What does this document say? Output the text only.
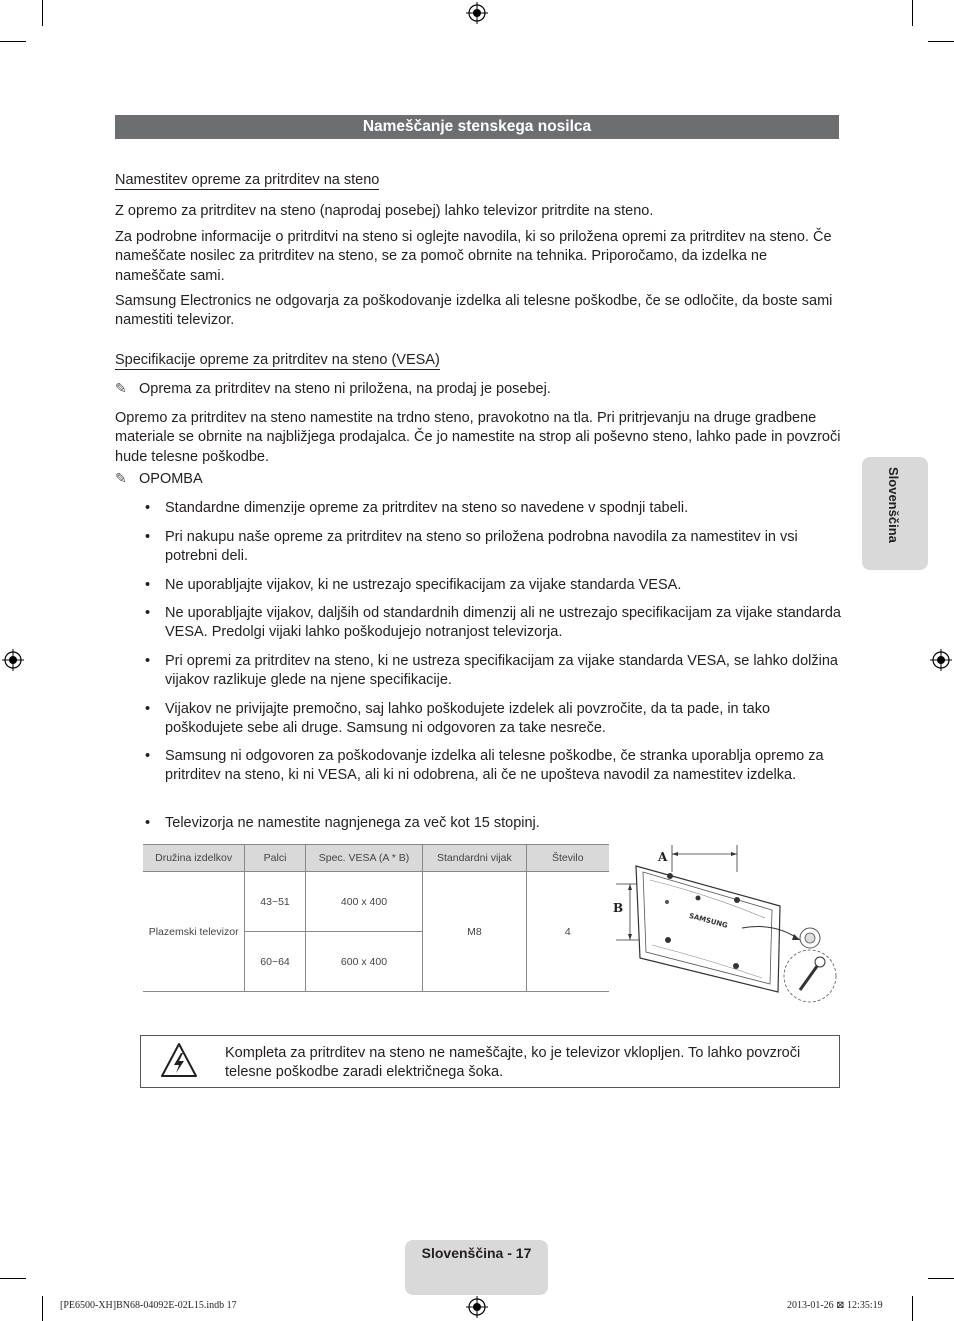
Nameščanje stenskega nosilca
Namestitev opreme za pritrditev na steno
Z opremo za pritrditev na steno (naprodaj posebej) lahko televizor pritrdite na steno.
Za podrobne informacije o pritrditvi na steno si oglejte navodila, ki so priložena opremi za pritrditev na steno. Če nameščate nosilec za pritrditev na steno, se za pomoč obrnite na tehnika. Priporočamo, da izdelka ne nameščate sami.
Samsung Electronics ne odgovarja za poškodovanje izdelka ali telesne poškodbe, če se odločite, da boste sami namestiti televizor.
Specifikacije opreme za pritrditev na steno (VESA)
✎ Oprema za pritrditev na steno ni priložena, na prodaj je posebej.
Opremo za pritrditev na steno namestite na trdno steno, pravokotno na tla. Pri pritrjevanju na druge gradbene materiale se obrnite na najbližjega prodajalca. Če jo namestite na strop ali poševno steno, lahko pade in povzroči hude telesne poškodbe.
✎ OPOMBA
• Standardne dimenzije opreme za pritrditev na steno so navedene v spodnji tabeli.
• Pri nakupu naše opreme za pritrditev na steno so priložena podrobna navodila za namestitev in vsi potrebni deli.
• Ne uporabljajte vijakov, ki ne ustrezajo specifikacijam za vijake standarda VESA.
• Ne uporabljajte vijakov, daljših od standardnih dimenzij ali ne ustrezajo specifikacijam za vijake standarda VESA. Predolgi vijaki lahko poškodujejo notranjost televizorja.
• Pri opremi za pritrditev na steno, ki ne ustreza specifikacijam za vijake standarda VESA, se lahko dolžina vijakov razlikuje glede na njene specifikacije.
• Vijakov ne privijajte premočno, saj lahko poškodujete izdelek ali povzročite, da ta pade, in tako poškodujete sebe ali druge. Samsung ni odgovoren za take nesreče.
• Samsung ni odgovoren za poškodovanje izdelka ali telesne poškodbe, če stranka uporablja opremo za pritrditev na steno, ki ni VESA, ali ki ni odobrena, ali če ne upošteva navodil za namestitev izdelka.
• Televizorja ne namestite nagnjenega za več kot 15 stopinj.
Družina izdelkov	Palci	Spec. VESA (A * B)	Standardni vijak	Število
Plazemski televizor	43~51	400 x 400	M8	4
	60~64	600 x 400		
SAMSUNG
A
B
Kompleta za pritrditev na steno ne nameščajte, ko je televizor vklopljen. To lahko povzroči telesne poškodbe zaradi električnega šoka.
Slovenščina
Slovenščina - 17
[PE6500-XH]BN68-04092E-02L15.indb 17	2013-01-26 ⊠ 12:35:19
